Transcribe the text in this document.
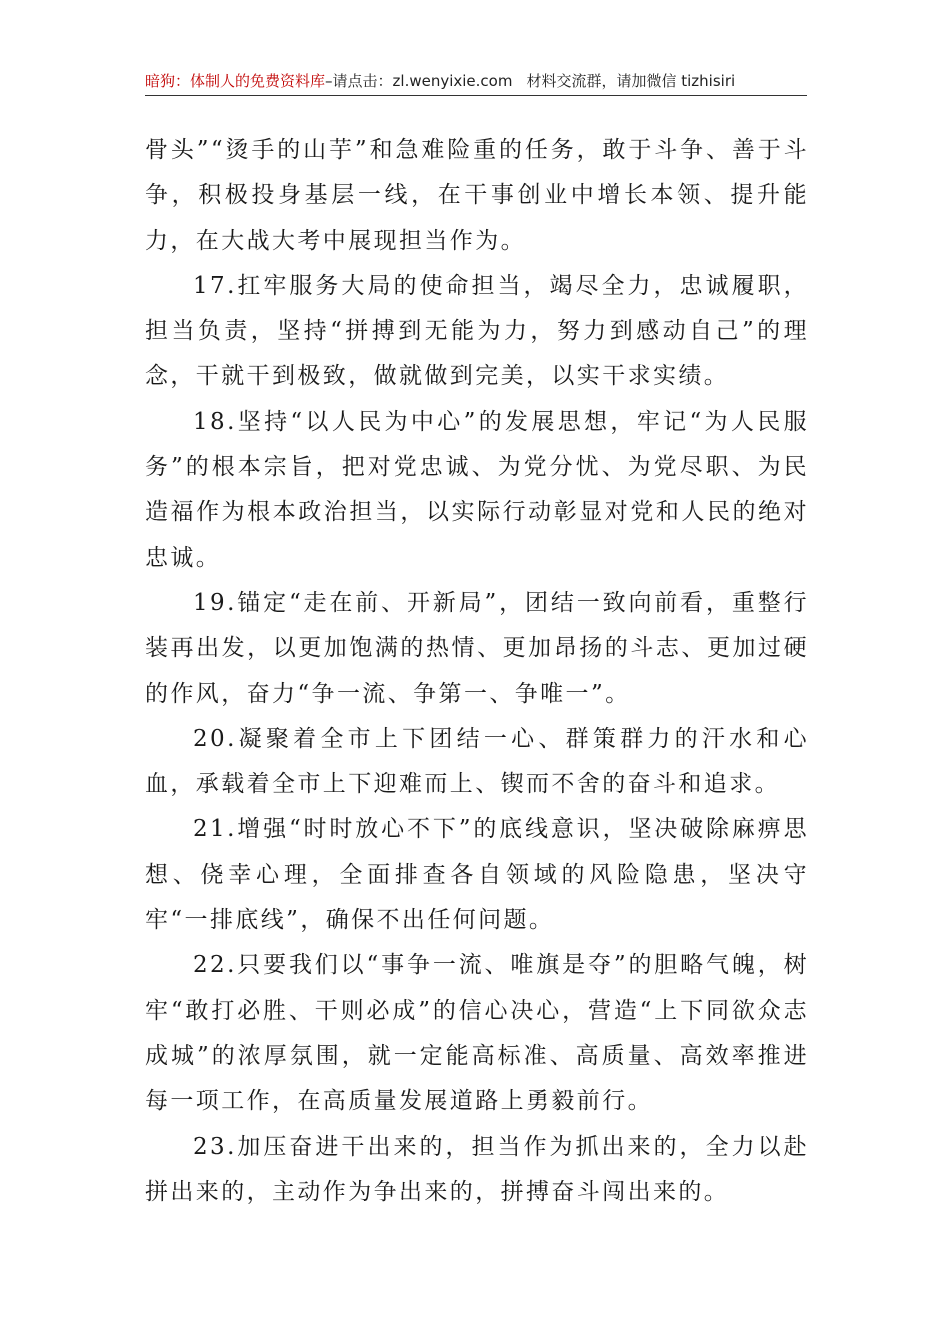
暗狗：体制人的免费资料库–请点击：zl.wenyixie.com 材料交流群，请加微信 tizhisiri

骨头”“烫手的山芋”和急难险重的任务，敢于斗争、善于斗争，积极投身基层一线，在干事创业中增长本领、提升能力，在大战大考中展现担当作为。

17.扛牢服务大局的使命担当，竭尽全力，忠诚履职，担当负责，坚持“拼搏到无能为力，努力到感动自己”的理念，干就干到极致，做就做到完美，以实干求实绩。

18.坚持“以人民为中心”的发展思想，牢记“为人民服务”的根本宗旨，把对党忠诚、为党分忧、为党尽职、为民造福作为根本政治担当，以实际行动彰显对党和人民的绝对忠诚。

19.锚定“走在前、开新局”，团结一致向前看，重整行装再出发，以更加饱满的热情、更加昂扬的斗志、更加过硬的作风，奋力“争一流、争第一、争唯一”。

20.凝聚着全市上下团结一心、群策群力的汗水和心血，承载着全市上下迎难而上、锲而不舍的奋斗和追求。

21.增强“时时放心不下”的底线意识，坚决破除麻痹思想、侥幸心理，全面排查各自领域的风险隐患，坚决守牢“一排底线”，确保不出任何问题。

22.只要我们以“事争一流、唯旗是夺”的胆略气魄，树牢“敢打必胜、干则必成”的信心决心，营造“上下同欲众志成城”的浓厚氛围，就一定能高标准、高质量、高效率推进每一项工作，在高质量发展道路上勇毅前行。

23.加压奋进干出来的，担当作为抓出来的，全力以赴拼出来的，主动作为争出来的，拼搏奋斗闯出来的。
